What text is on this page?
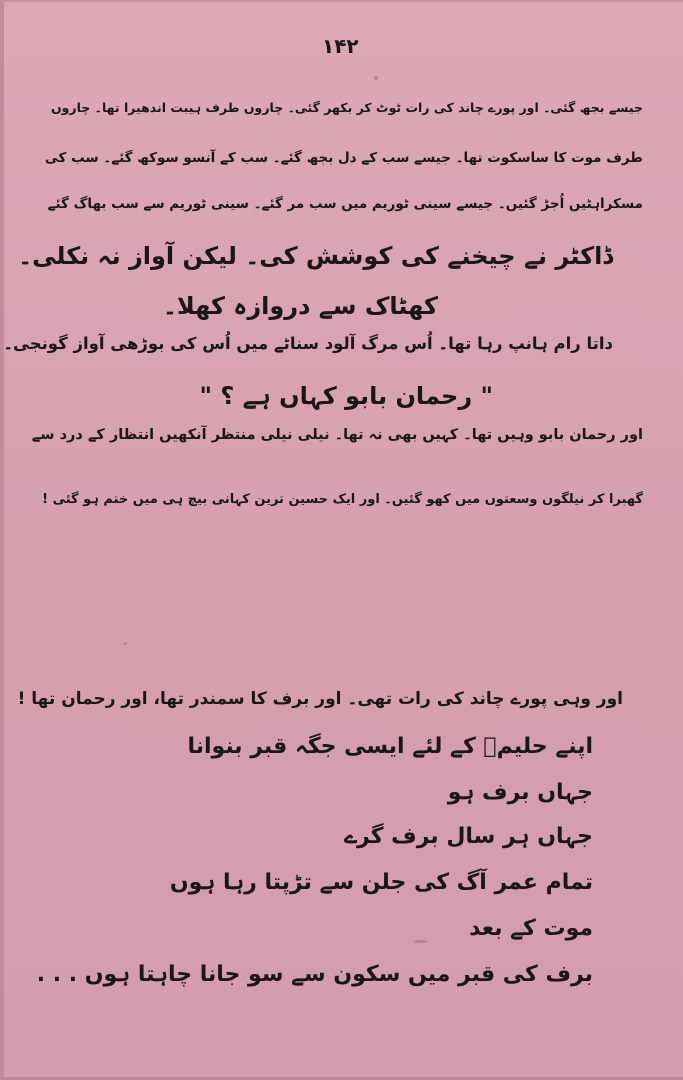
۱۴۲
جیسے بجھ گئی۔ اور پورے چاند کی رات ٹوٹ کر بکھر گئی۔ چاروں طرف ہیبت اندھیرا تھا۔ چاروں
طرف موت کا ساسکوت تھا۔ جیسے سب کے دل بجھ گئے۔ سب کے آنسو سوکھ گئے۔ سب کی
مسکراہٹیں اُجڑ گئیں۔ جیسے سینی ٹوریم میں سب مر گئے۔ سینی ٹوریم سے سب بھاگ گئے
ڈاکٹر نے چیخنے کی کوشش کی۔ لیکن آواز نہ نکلی۔
کھٹاک سے دروازہ کھلا۔
داتا رام ہانپ رہا تھا۔ اُس مرگ آلود سناٹے میں اُس کی بوڑھی آواز گونجی۔
" رحمان بابو کہاں ہے ؟ "
اور رحمان بابو وہیں تھا۔ کہیں بھی نہ تھا۔ نیلی نیلی منتظر آنکھیں انتظار کے درد سے
گھبرا کر نیلگوں وسعتوں میں کھو گئیں۔ اور ایک حسین ترین کہانی بیچ ہی میں ختم ہو گئی !
اور وہی پورے چاند کی رات تھی۔ اور برف کا سمندر تھا، اور رحمان تھا !
اپنے حلیمؔ کے لئے ایسی جگہ قبر بنوانا
جہاں برف ہو
جہاں ہر سال برف گرے
تمام عمر آگ کی جلن سے تڑپتا رہا ہوں
موت کے بعد
برف کی قبر میں سکون سے سو جانا چاہتا ہوں . . .
